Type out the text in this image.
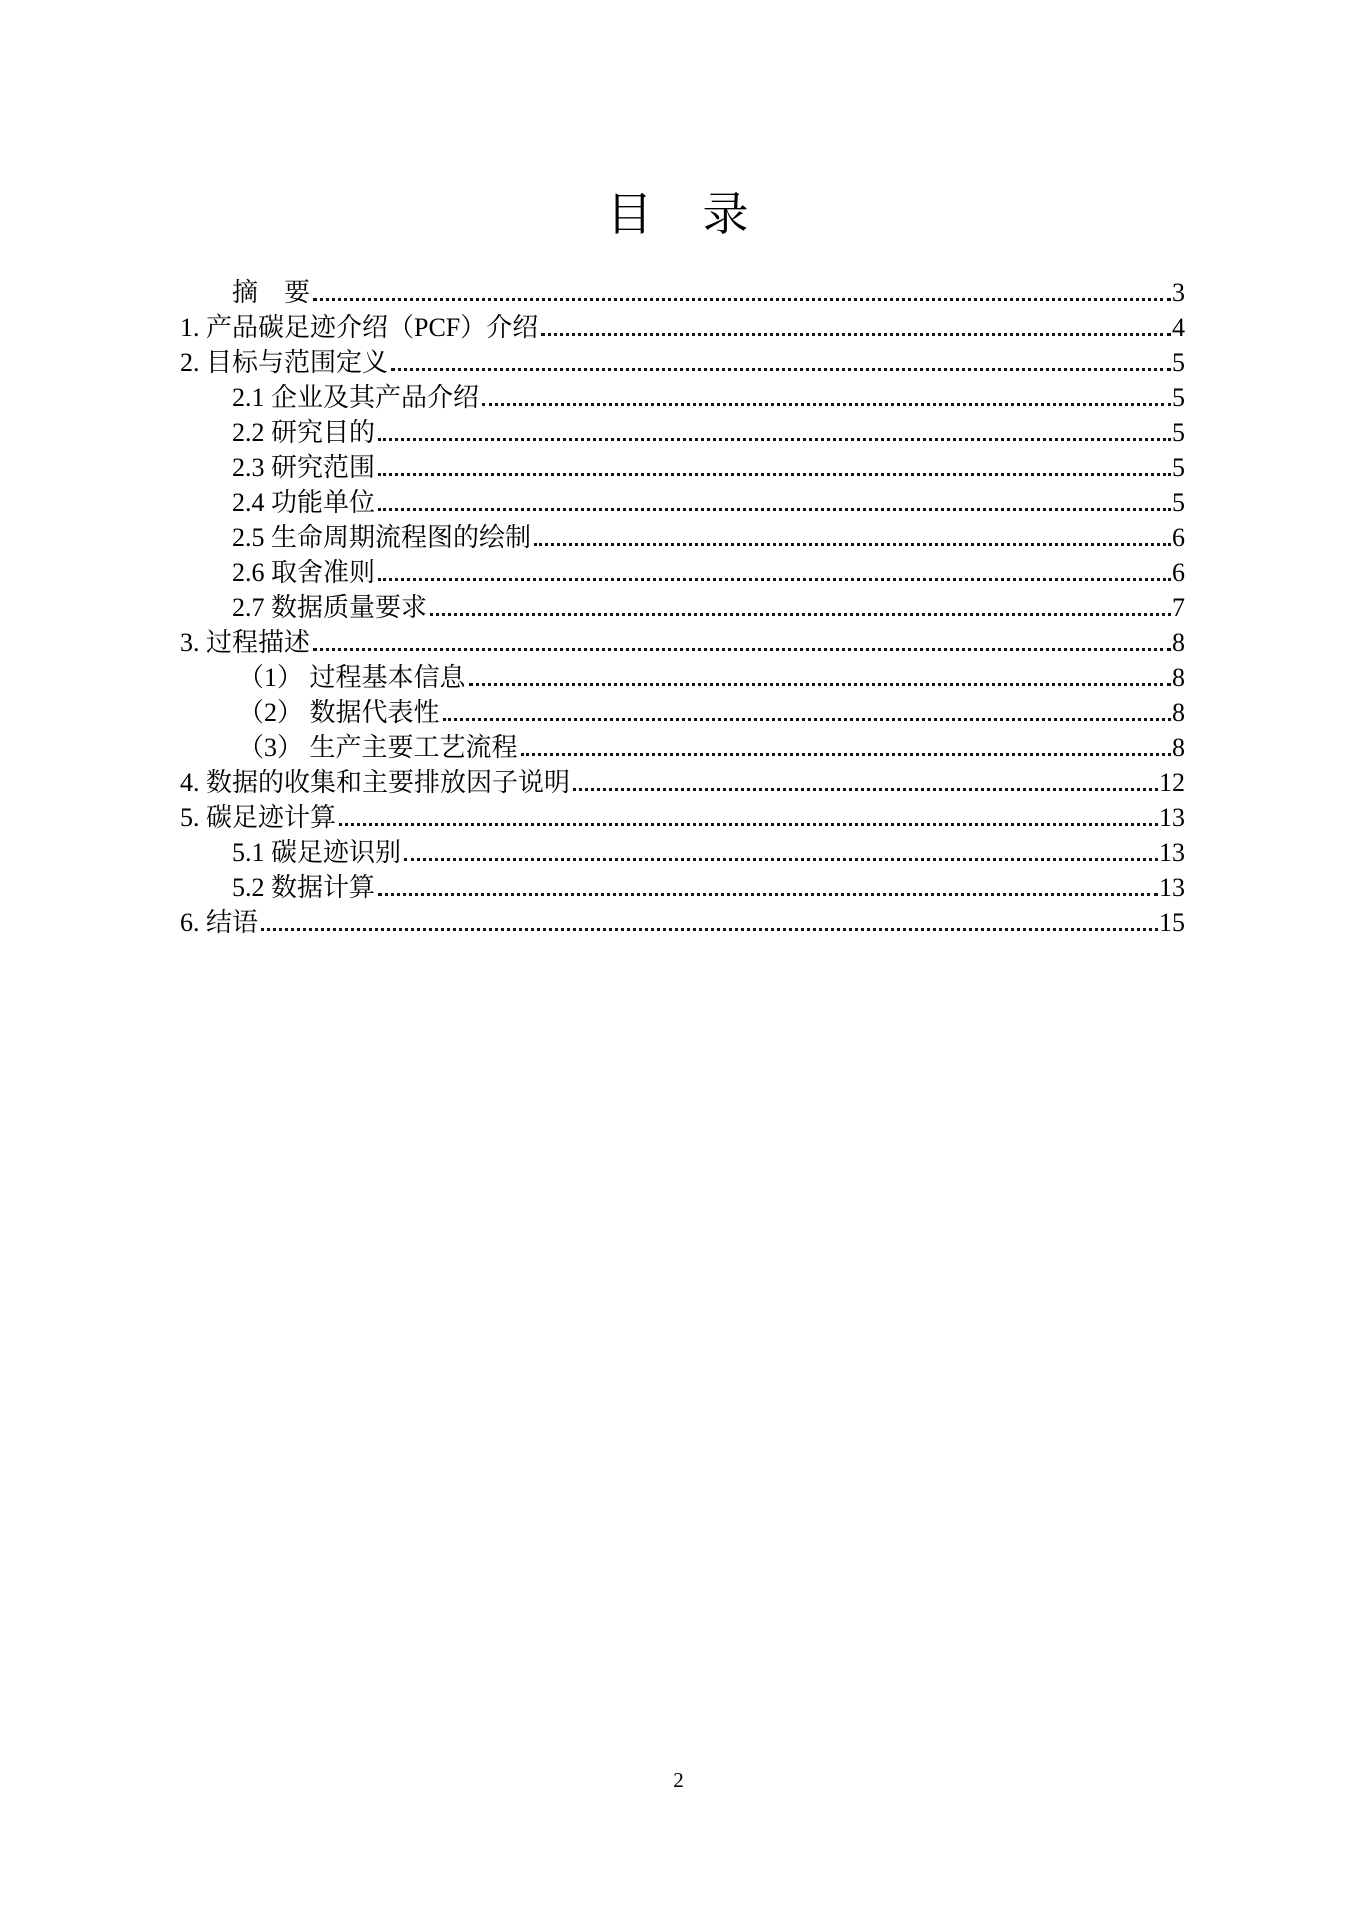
目　录
摘　要	3
1. 产品碳足迹介绍（PCF）介绍	4
2. 目标与范围定义	5
2.1 企业及其产品介绍	5
2.2 研究目的	5
2.3 研究范围	5
2.4 功能单位	5
2.5 生命周期流程图的绘制	6
2.6 取舍准则	6
2.7 数据质量要求	7
3. 过程描述	8
（1） 过程基本信息	8
（2） 数据代表性	8
（3） 生产主要工艺流程	8
4. 数据的收集和主要排放因子说明	12
5. 碳足迹计算	13
5.1 碳足迹识别	13
5.2 数据计算	13
6. 结语	15
2
